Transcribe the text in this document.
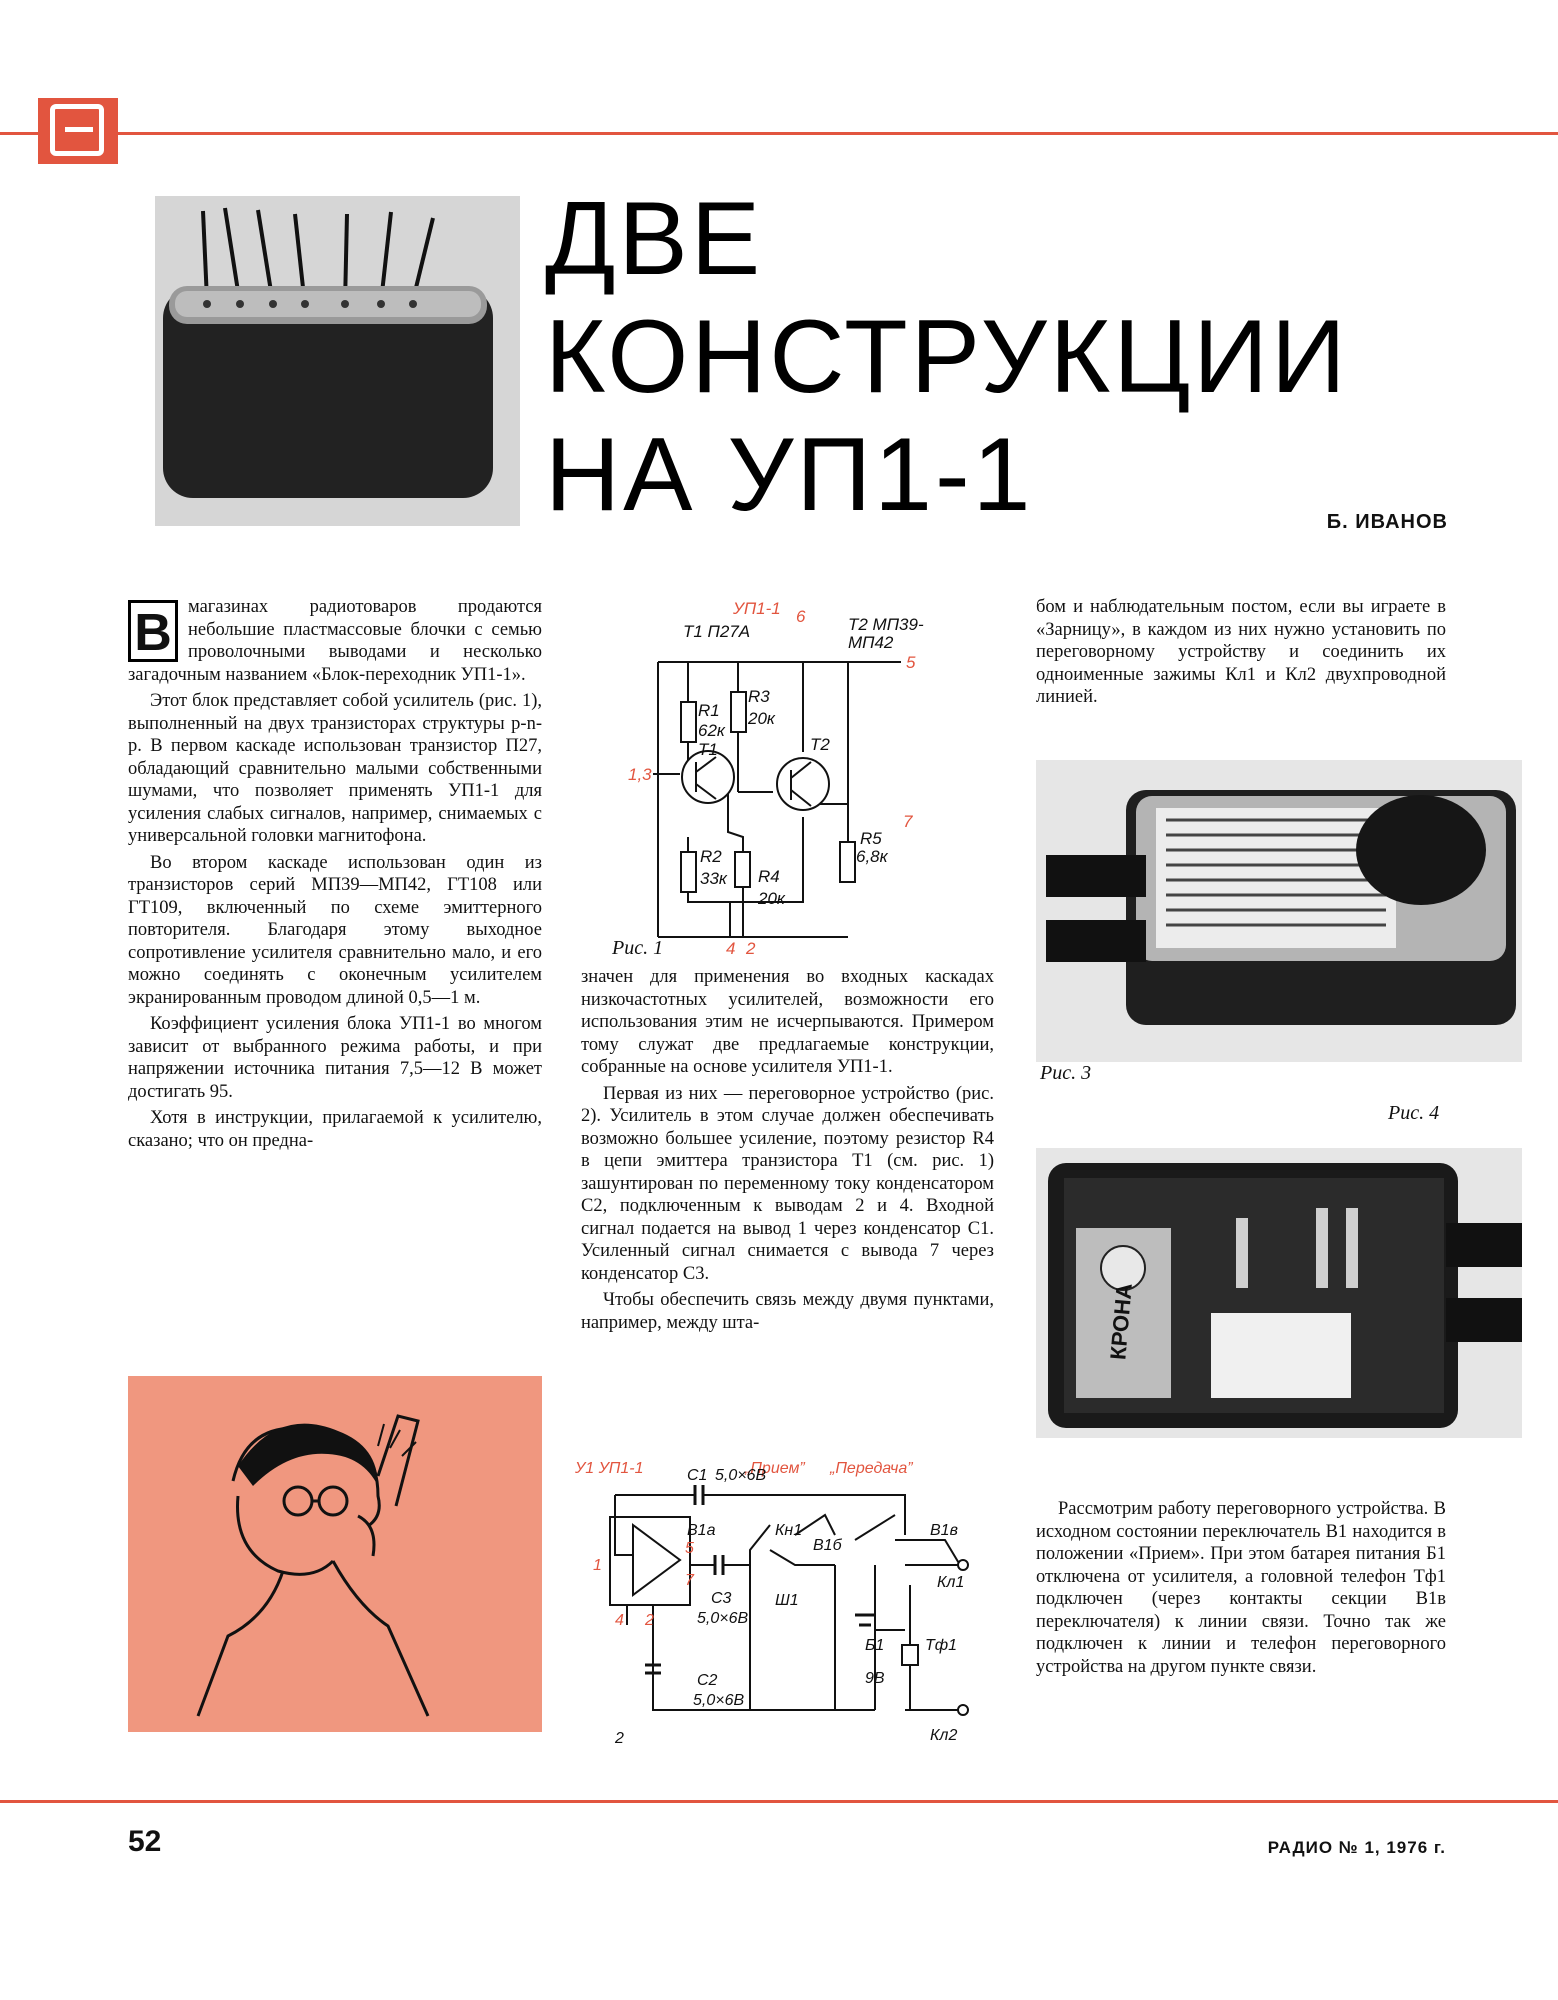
ДВЕ
КОНСТРУКЦИИ
НА УП1-1	Б. ИВАНОВ
В магазинах радиотоваров продаются небольшие пластмассовые блочки с семью проволочными выводами и несколько загадочным названием «Блок-переходник УП1-1».

Этот блок представляет собой усилитель (рис. 1), выполненный на двух транзисторах структуры p-n-p. В первом каскаде использован транзистор П27, обладающий сравнительно малыми собственными шумами, что позволяет применять УП1-1 для усиления слабых сигналов, например, снимаемых с универсальной головки магнитофона.

Во втором каскаде использован один из транзисторов серий МП39—МП42, ГТ108 или ГТ109, включенный по схеме эмиттерного повторителя. Благодаря этому выходное сопротивление усилителя сравнительно мало, и его можно соединять с оконечным усилителем экранированным проводом длиной 0,5—1 м.

Коэффициент усиления блока УП1-1 во многом зависит от выбранного режима работы, и при напряжении источника питания 7,5—12 В может достигать 95.

Хотя в инструкции, прилагаемой к усилителю, сказано; что он предна-

УП1-1
T1 П27А
6	T2 МП39-
МП42
5
R1
62к
R3
20к
T1	T2
1,3
7
R2
33к
R5
6,8к
R4
20к
4 2
Рис. 1

значен для применения во входных каскадах низкочастотных усилителей, возможности его использования этим не исчерпываются. Примером тому служат две предлагаемые конструкции, собранные на основе усилителя УП1-1.

Первая из них — переговорное устройство (рис. 2). Усилитель в этом случае должен обеспечивать возможно большее усиление, поэтому резистор R4 в цепи эмиттера транзистора T1 (см. рис. 1) зашунтирован по переменному току конденсатором C2, подключенным к выводам 2 и 4. Входной сигнал подается на вывод 1 через конденсатор C1. Усиленный сигнал снимается с вывода 7 через конденсатор C3.

Чтобы обеспечить связь между двумя пунктами, например, между шта-

У1 УП1-1	„Прием” „Передача”
C1 5,0×6В
B1а	Кн1
B1б
B1в
Кл1
C3
5,0×6В
Ш1
Б1
9В
Тф1
C2
5,0×6В
Кл2
2
1
4 2
7
5

бом и наблюдательным постом, если вы играете в «Зарницу», в каждом из них нужно установить по переговорному устройству и соединить их одноименные зажимы Кл1 и Кл2 двухпроводной линией.

Рис. 3
Рис. 4
КРОНА

Рассмотрим работу переговорного устройства. В исходном состоянии переключатель B1 находится в положении «Прием». При этом батарея питания Б1 отключена от усилителя, а головной телефон Тф1 подключен (через контакты секции B1в переключателя) к линии связи. Точно так же подключен к линии и телефон переговорного устройства на другом пункте связи.

52	РАДИО № 1, 1976 г.
